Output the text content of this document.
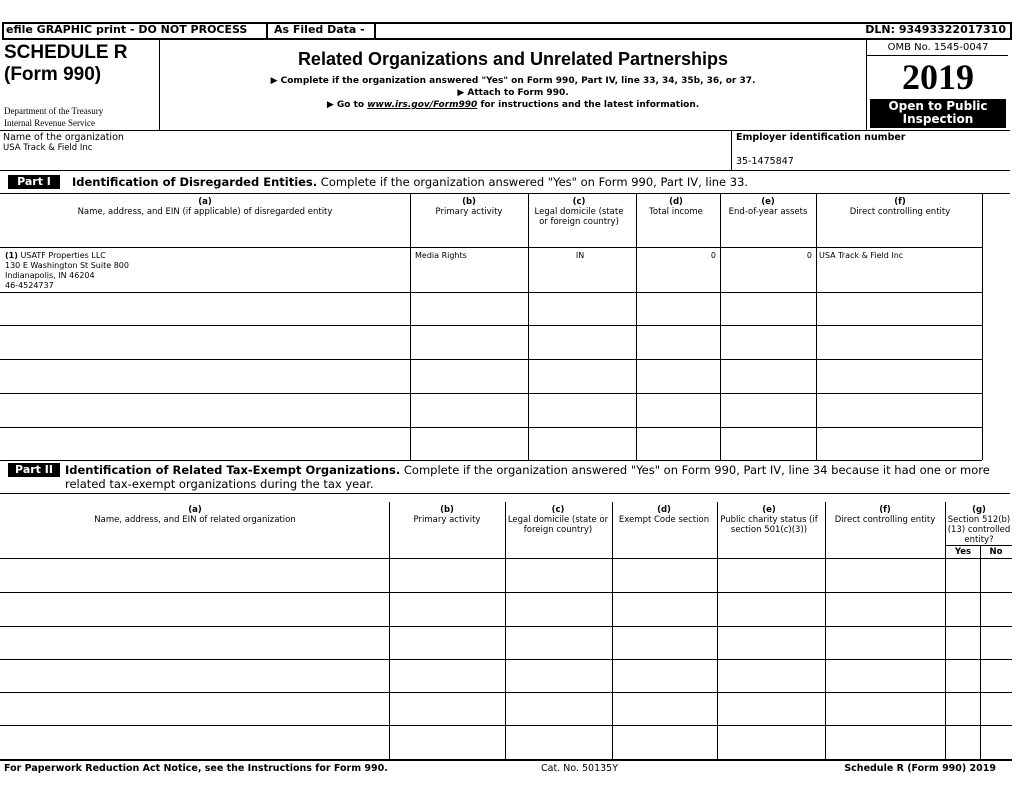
efile GRAPHIC print - DO NOT PROCESS As Filed Data -	DLN: 93493322017310
SCHEDULE R
(Form 990)
Department of the Treasury
Internal Revenue Service
Related Organizations and Unrelated Partnerships
▶ Complete if the organization answered "Yes" on Form 990, Part IV, line 33, 34, 35b, 36, or 37.
▶ Attach to Form 990.
▶ Go to www.irs.gov/Form990 for instructions and the latest information.
OMB No. 1545-0047
2019
Open to Public
Inspection
Name of the organization
USA Track & Field Inc
Employer identification number
35-1475847
Part I	Identification of Disregarded Entities. Complete if the organization answered "Yes" on Form 990, Part IV, line 33.
(a)
Name, address, and EIN (if applicable) of disregarded entity
(b)
Primary activity
(c)
Legal domicile (state or foreign country)
(d)
Total income
(e)
End-of-year assets
(f)
Direct controlling entity
(1) USATF Properties LLC
130 E Washington St Suite 800
Indianapolis, IN 46204
46-4524737
Media Rights	IN	0	0 USA Track & Field Inc
Part II	Identification of Related Tax-Exempt Organizations. Complete if the organization answered "Yes" on Form 990, Part IV, line 34 because it had one or more
related tax-exempt organizations during the tax year.
(a)
Name, address, and EIN of related organization
(b)
Primary activity
(c)
Legal domicile (state or foreign country)
(d)
Exempt Code section
(e)
Public charity status (if section 501(c)(3))
(f)
Direct controlling entity
(g)
Section 512(b)(13) controlled entity?
Yes	No
For Paperwork Reduction Act Notice, see the Instructions for Form 990.	Cat. No. 50135Y	Schedule R (Form 990) 2019
